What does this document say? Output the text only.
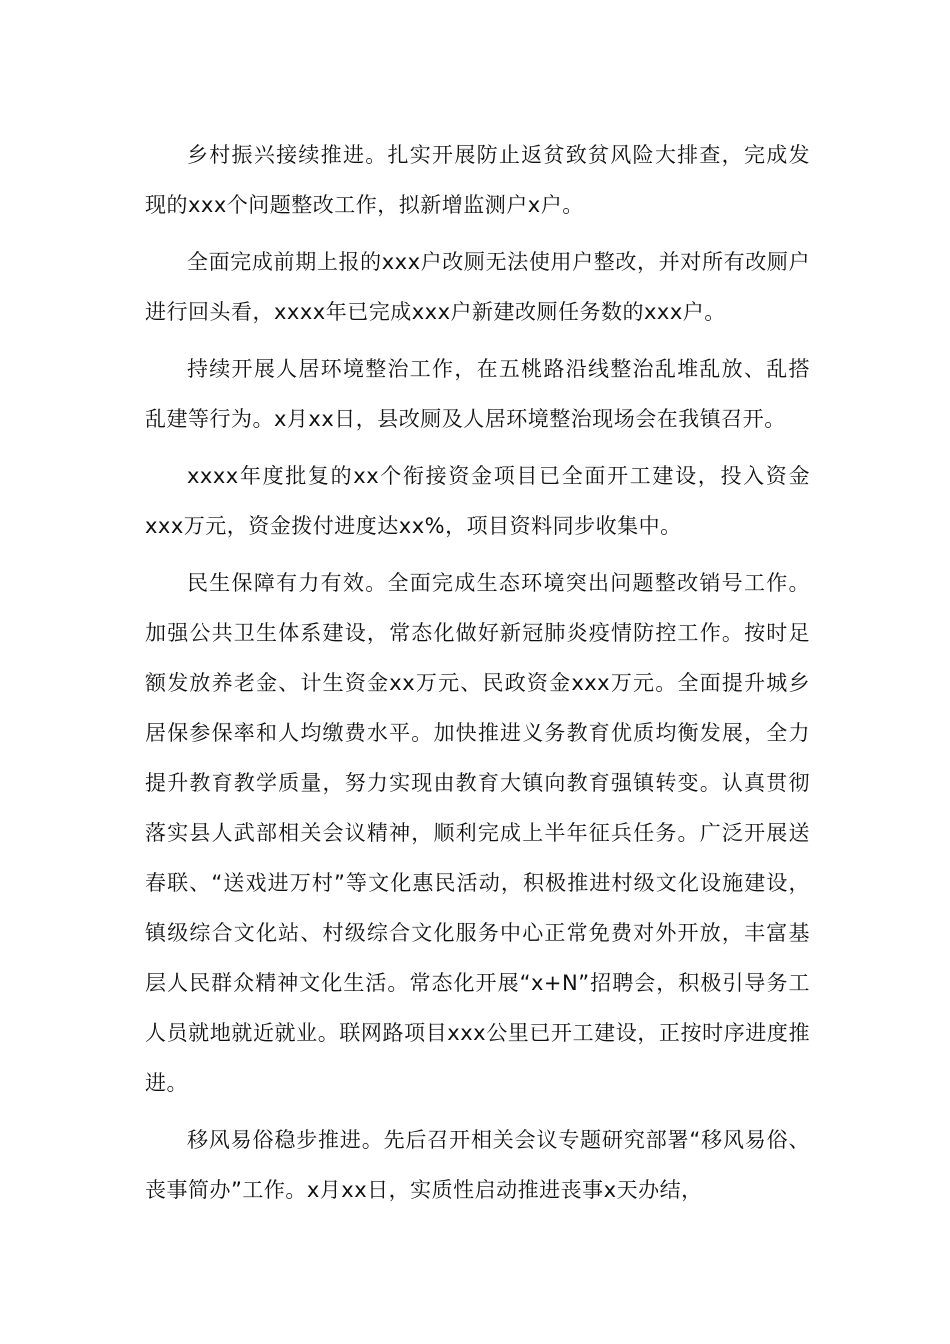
乡村振兴接续推进。扎实开展防止返贫致贫风险大排查，完成发现的xxx个问题整改工作，拟新增监测户x户。

全面完成前期上报的xxx户改厕无法使用户整改，并对所有改厕户进行回头看，xxxx年已完成xxx户新建改厕任务数的xxx户。

持续开展人居环境整治工作，在五桃路沿线整治乱堆乱放、乱搭乱建等行为。x月xx日，县改厕及人居环境整治现场会在我镇召开。

xxxx年度批复的xx个衔接资金项目已全面开工建设，投入资金xxx万元，资金拨付进度达xx%，项目资料同步收集中。

民生保障有力有效。全面完成生态环境突出问题整改销号工作。加强公共卫生体系建设，常态化做好新冠肺炎疫情防控工作。按时足额发放养老金、计生资金xx万元、民政资金xxx万元。全面提升城乡居保参保率和人均缴费水平。加快推进义务教育优质均衡发展，全力提升教育教学质量，努力实现由教育大镇向教育强镇转变。认真贯彻落实县人武部相关会议精神，顺利完成上半年征兵任务。广泛开展送春联、“送戏进万村”等文化惠民活动，积极推进村级文化设施建设，镇级综合文化站、村级综合文化服务中心正常免费对外开放，丰富基层人民群众精神文化生活。常态化开展“x+N”招聘会，积极引导务工人员就地就近就业。联网路项目xxx公里已开工建设，正按时序进度推进。

移风易俗稳步推进。先后召开相关会议专题研究部署“移风易俗、丧事简办”工作。x月xx日，实质性启动推进丧事x天办结，
